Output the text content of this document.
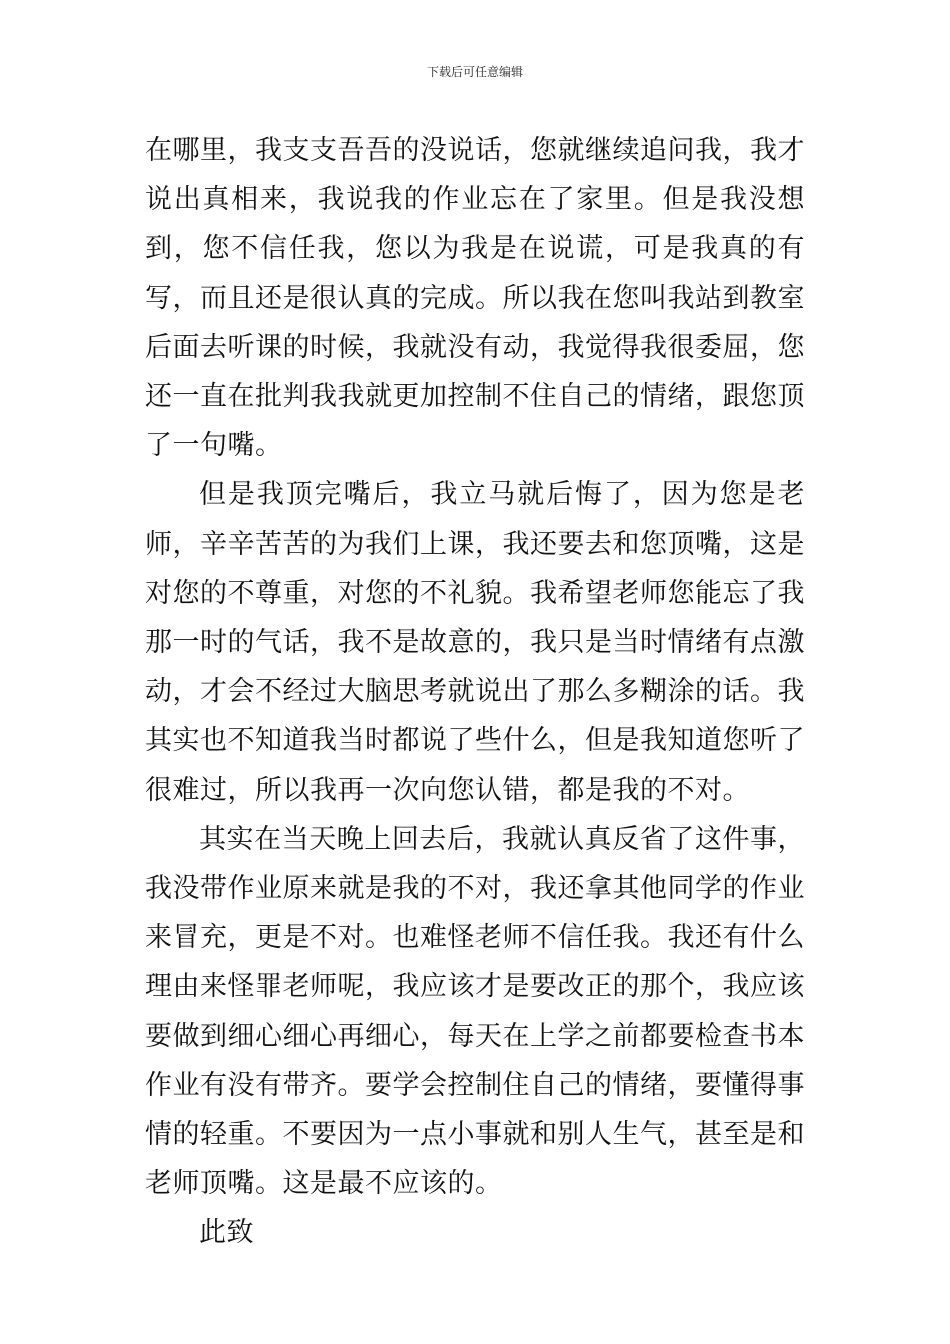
下载后可任意编辑

在哪里，我支支吾吾的没说话，您就继续追问我，我才说出真相来，我说我的作业忘在了家里。但是我没想到，您不信任我，您以为我是在说谎，可是我真的有写，而且还是很认真的完成。所以我在您叫我站到教室后面去听课的时候，我就没有动，我觉得我很委屈，您还一直在批判我我就更加控制不住自己的情绪，跟您顶了一句嘴。

但是我顶完嘴后，我立马就后悔了，因为您是老师，辛辛苦苦的为我们上课，我还要去和您顶嘴，这是对您的不尊重，对您的不礼貌。我希望老师您能忘了我那一时的气话，我不是故意的，我只是当时情绪有点激动，才会不经过大脑思考就说出了那么多糊涂的话。我其实也不知道我当时都说了些什么，但是我知道您听了很难过，所以我再一次向您认错，都是我的不对。

其实在当天晚上回去后，我就认真反省了这件事，我没带作业原来就是我的不对，我还拿其他同学的作业来冒充，更是不对。也难怪老师不信任我。我还有什么理由来怪罪老师呢，我应该才是要改正的那个，我应该要做到细心细心再细心，每天在上学之前都要检查书本作业有没有带齐。要学会控制住自己的情绪，要懂得事情的轻重。不要因为一点小事就和别人生气，甚至是和老师顶嘴。这是最不应该的。

此致
